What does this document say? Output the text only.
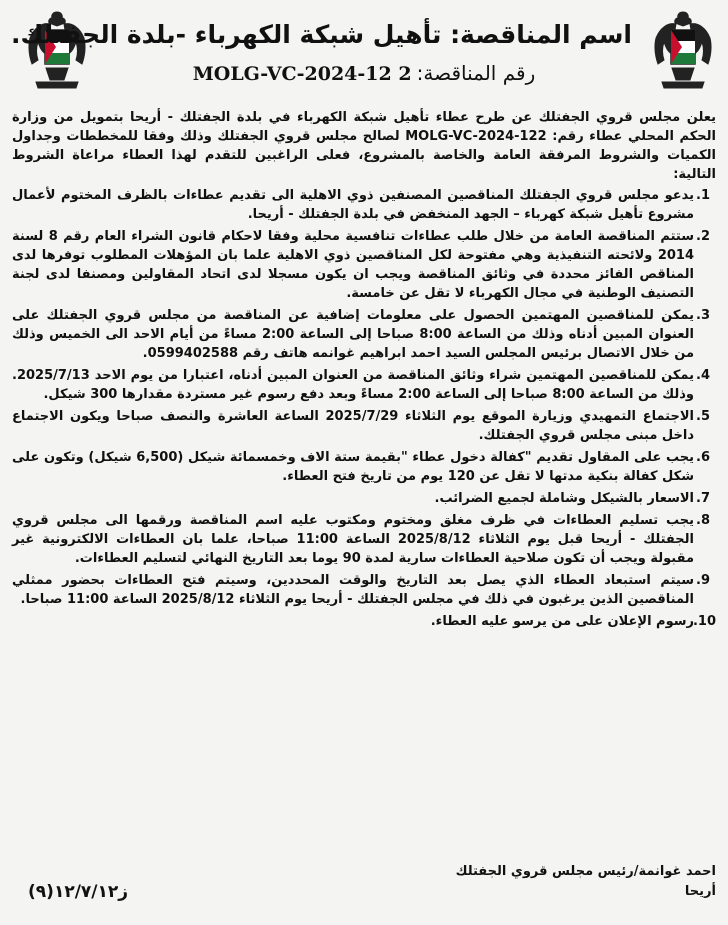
اسم المناقصة: تأهيل شبكة الكهرباء -بلدة الجفتلك.
رقم المناقصة: MOLG-VC-2024-12 2

يعلن مجلس قروي الجفتلك عن طرح عطاء تأهيل شبكة الكهرباء في بلدة الجفتلك - أريحا بتمويل من وزارة الحكم المحلي عطاء رقم: MOLG-VC-2024-122 لصالح مجلس قروي الجفتلك وذلك وفقا للمخططات وجداول الكميات والشروط المرفقة العامة والخاصة بالمشروع، فعلى الراغبين للتقدم لهذا العطاء مراعاة الشروط التالية:

1.
يدعو مجلس قروي الجفتلك المناقصين المصنفين ذوي الاهلية الى تقديم عطاءات بالظرف المختوم لأعمال مشروع تأهيل شبكة كهرباء – الجهد المنخفض في بلدة الجفتلك - أريحا.
2.
ستتم المناقصة العامة من خلال طلب عطاءات تنافسية محلية وفقا لاحكام قانون الشراء العام رقم 8 لسنة 2014 ولائحته التنفيذية وهي مفتوحة لكل المناقصين ذوي الاهلية علما بان المؤهلات المطلوب توفرها لدى المناقص الفائز محددة في وثائق المناقصة ويجب ان يكون مسجلا لدى اتحاد المقاولين ومصنفا لدى لجنة التصنيف الوطنية في مجال الكهرباء لا تقل عن خامسة.
3.
يمكن للمناقصين المهتمين الحصول على معلومات إضافية عن المناقصة من مجلس قروي الجفتلك على العنوان المبين أدناه وذلك من الساعة 8:00 صباحا إلى الساعة 2:00 مساءً من أيام الاحد الى الخميس وذلك من خلال الاتصال برئيس المجلس السيد احمد ابراهيم غوانمه هاتف رقم 0599402588.
4.
يمكن للمناقصين المهتمين شراء وثائق المناقصة من العنوان المبين أدناه، اعتبارا من يوم الاحد 2025/7/13. وذلك من الساعة 8:00 صباحا إلى الساعة 2:00 مساءً وبعد دفع رسوم غير مستردة مقدارها 300 شيكل.
5.
الاجتماع التمهيدي وزيارة الموقع يوم الثلاثاء 2025/7/29 الساعة العاشرة والنصف صباحا ويكون الاجتماع داخل مبنى مجلس قروي الجفتلك.
6.
يجب على المقاول تقديم "كفالة دخول عطاء "بقيمة ستة الاف وخمسمائة شيكل (6,500 شيكل) وتكون على شكل كفالة بنكية مدتها لا تقل عن 120 يوم من تاريخ فتح العطاء.
7.
الاسعار بالشيكل وشاملة لجميع الضرائب.
8.
يجب تسليم العطاءات في ظرف مغلق ومختوم ومكتوب عليه اسم المناقصة ورقمها الى مجلس قروي الجفتلك - أريحا قبل يوم الثلاثاء 2025/8/12 الساعة 11:00 صباحا، علما بان العطاءات الالكترونية غير مقبولة ويجب أن تكون صلاحية العطاءات سارية لمدة 90 يوما بعد التاريخ النهائي لتسليم العطاءات.
9.
سيتم استبعاد العطاء الذي يصل بعد التاريخ والوقت المحددين، وسيتم فتح العطاءات بحضور ممثلي المناقصين الذين يرغبون في ذلك في مجلس الجفتلك - أريحا يوم الثلاثاء 2025/8/12 الساعة 11:00 صباحا.
10.
رسوم الإعلان على من يرسو عليه العطاء.
احمد غوانمة/رئيس مجلس قروي الجفتلك
أريحا
ز١٢/٧/١٢(٩)
